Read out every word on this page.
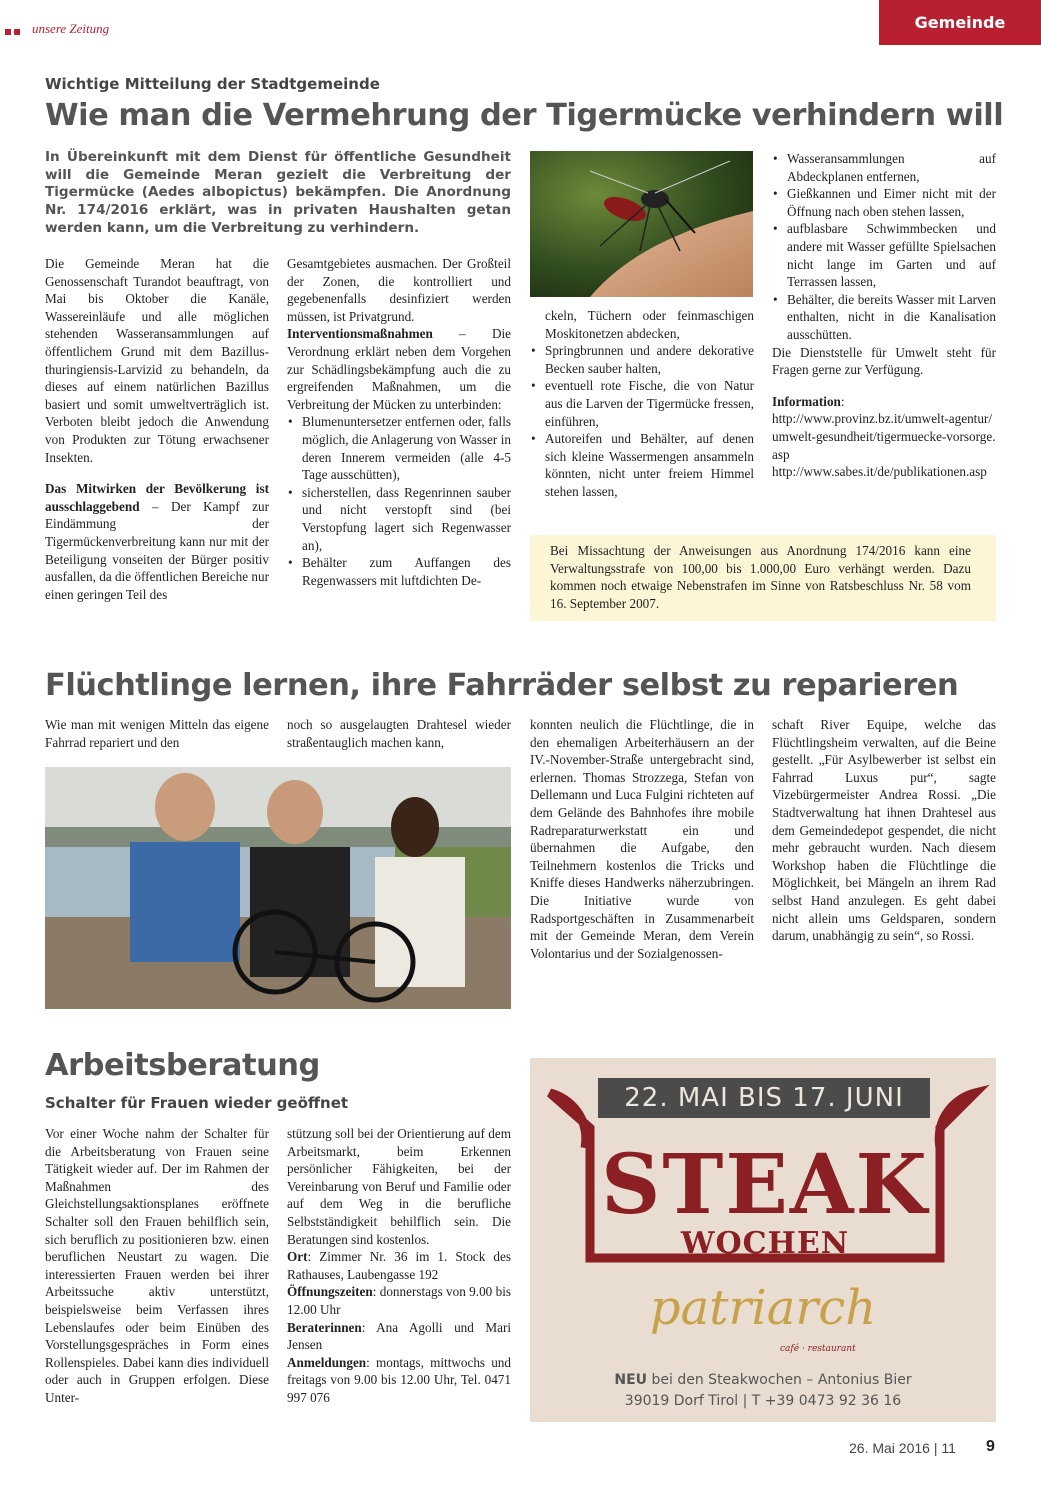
unsere Zeitung	Gemeinde
Wichtige Mitteilung der Stadtgemeinde
Wie man die Vermehrung der Tigermücke verhindern will
In Übereinkunft mit dem Dienst für öffentliche Gesundheit will die Gemeinde Meran gezielt die Verbreitung der Tigermücke (Aedes albopictus) bekämpfen. Die Anordnung Nr. 174/2016 erklärt, was in privaten Haushalten getan werden kann, um die Verbreitung zu verhindern.

Die Gemeinde Meran hat die Genossenschaft Turandot beauftragt, von Mai bis Oktober die Kanäle, Wassereinläufe und alle möglichen stehenden Wasseransammlungen auf öffentlichem Grund mit dem Bazillus-thuringiensis-Larvizid zu behandeln, da dieses auf einem natürlichen Bazillus basiert und somit umweltverträglich ist. Verboten bleibt jedoch die Anwendung von Produkten zur Tötung erwachsener Insekten.

Das Mitwirken der Bevölkerung ist ausschlaggebend – Der Kampf zur Eindämmung der Tigermückenverbreitung kann nur mit der Beteiligung vonseiten der Bürger positiv ausfallen, da die öffentlichen Bereiche nur einen geringen Teil des

Gesamtgebietes ausmachen. Der Großteil der Zonen, die kontrolliert und gegebenenfalls desinfiziert werden müssen, ist Privatgrund.

Interventionsmaßnahmen – Die Verordnung erklärt neben dem Vorgehen zur Schädlingsbekämpfung auch die zu ergreifenden Maßnahmen, um die Verbreitung der Mücken zu unterbinden:

• Blumenuntersetzer entfernen oder, falls möglich, die Anlagerung von Wasser in deren Innerem vermeiden (alle 4-5 Tage ausschütten),
• sicherstellen, dass Regenrinnen sauber und nicht verstopft sind (bei Verstopfung lagert sich Regenwasser an),
• Behälter zum Auffangen des Regenwassers mit luftdichten De-

ckeln, Tüchern oder feinmaschigen Moskitonetzen abdecken,

• Springbrunnen und andere dekorative Becken sauber halten,
• eventuell rote Fische, die von Natur aus die Larven der Tigermücke fressen, einführen,
• Autoreifen und Behälter, auf denen sich kleine Wassermengen ansammeln könnten, nicht unter freiem Himmel stehen lassen,
• Wasseransammlungen auf Abdeckplanen entfernen,
• Gießkannen und Eimer nicht mit der Öffnung nach oben stehen lassen,
• aufblasbare Schwimmbecken und andere mit Wasser gefüllte Spielsachen nicht lange im Garten und auf Terrassen lassen,
• Behälter, die bereits Wasser mit Larven enthalten, nicht in die Kanalisation ausschütten.

Die Dienststelle für Umwelt steht für Fragen gerne zur Verfügung.

Information:

http://www.provinz.bz.it/umwelt-agentur/umwelt-gesundheit/tigermuecke-vorsorge.asp

http://www.sabes.it/de/publikationen.asp

Bei Missachtung der Anweisungen aus Anordnung 174/2016 kann eine Verwaltungsstrafe von 100,00 bis 1.000,00 Euro verhängt werden. Dazu kommen noch etwaige Nebenstrafen im Sinne von Ratsbeschluss Nr. 58 vom 16. September 2007.
Flüchtlinge lernen, ihre Fahrräder selbst zu reparieren
Wie man mit wenigen Mitteln das eigene Fahrrad repariert und den
noch so ausgelaugten Drahtesel wieder straßentauglich machen kann,
konnten neulich die Flüchtlinge, die in den ehemaligen Arbeiterhäusern an der IV.-November-Straße untergebracht sind, erlernen. Thomas Strozzega, Stefan von Dellemann und Luca Fulgini richteten auf dem Gelände des Bahnhofes ihre mobile Radreparaturwerkstatt ein und übernahmen die Aufgabe, den Teilnehmern kostenlos die Tricks und Kniffe dieses Handwerks näherzubringen. Die Initiative wurde von Radsportgeschäften in Zusammenarbeit mit der Gemeinde Meran, dem Verein Volontarius und der Sozialgenossen-
schaft River Equipe, welche das Flüchtlingsheim verwalten, auf die Beine gestellt. „Für Asylbewerber ist selbst ein Fahrrad Luxus pur“, sagte Vizebürgermeister Andrea Rossi. „Die Stadtverwaltung hat ihnen Drahtesel aus dem Gemeindedepot gespendet, die nicht mehr gebraucht wurden. Nach diesem Workshop haben die Flüchtlinge die Möglichkeit, bei Mängeln an ihrem Rad selbst Hand anzulegen. Es geht dabei nicht allein ums Geldsparen, sondern darum, unabhängig zu sein“, so Rossi.
Arbeitsberatung
Schalter für Frauen wieder geöffnet
Vor einer Woche nahm der Schalter für die Arbeitsberatung von Frauen seine Tätigkeit wieder auf. Der im Rahmen der Maßnahmen des Gleichstellungsaktionsplanes eröffnete Schalter soll den Frauen behilflich sein, sich beruflich zu positionieren bzw. einen beruflichen Neustart zu wagen. Die interessierten Frauen werden bei ihrer Arbeitssuche aktiv unterstützt, beispielsweise beim Verfassen ihres Lebenslaufes oder beim Einüben des Vorstellungsgespräches in Form eines Rollenspieles. Dabei kann dies individuell oder auch in Gruppen erfolgen. Diese Unter-

stützung soll bei der Orientierung auf dem Arbeitsmarkt, beim Erkennen persönlicher Fähigkeiten, bei der Vereinbarung von Beruf und Familie oder auf dem Weg in die berufliche Selbstständigkeit behilflich sein. Die Beratungen sind kostenlos.

Ort: Zimmer Nr. 36 im 1. Stock des Rathauses, Laubengasse 192

Öffnungszeiten: donnerstags von 9.00 bis 12.00 Uhr

Beraterinnen: Ana Agolli und Mari Jensen

Anmeldungen: montags, mittwochs und freitags von 9.00 bis 12.00 Uhr, Tel. 0471 997 076

22. MAI BIS 17. JUNI
STEAK
WOCHEN
patriarch
café · restaurant
NEU bei den Steakwochen – Antonius Bier
39019 Dorf Tirol | T +39 0473 92 36 16
26. Mai 2016 | 11 9
